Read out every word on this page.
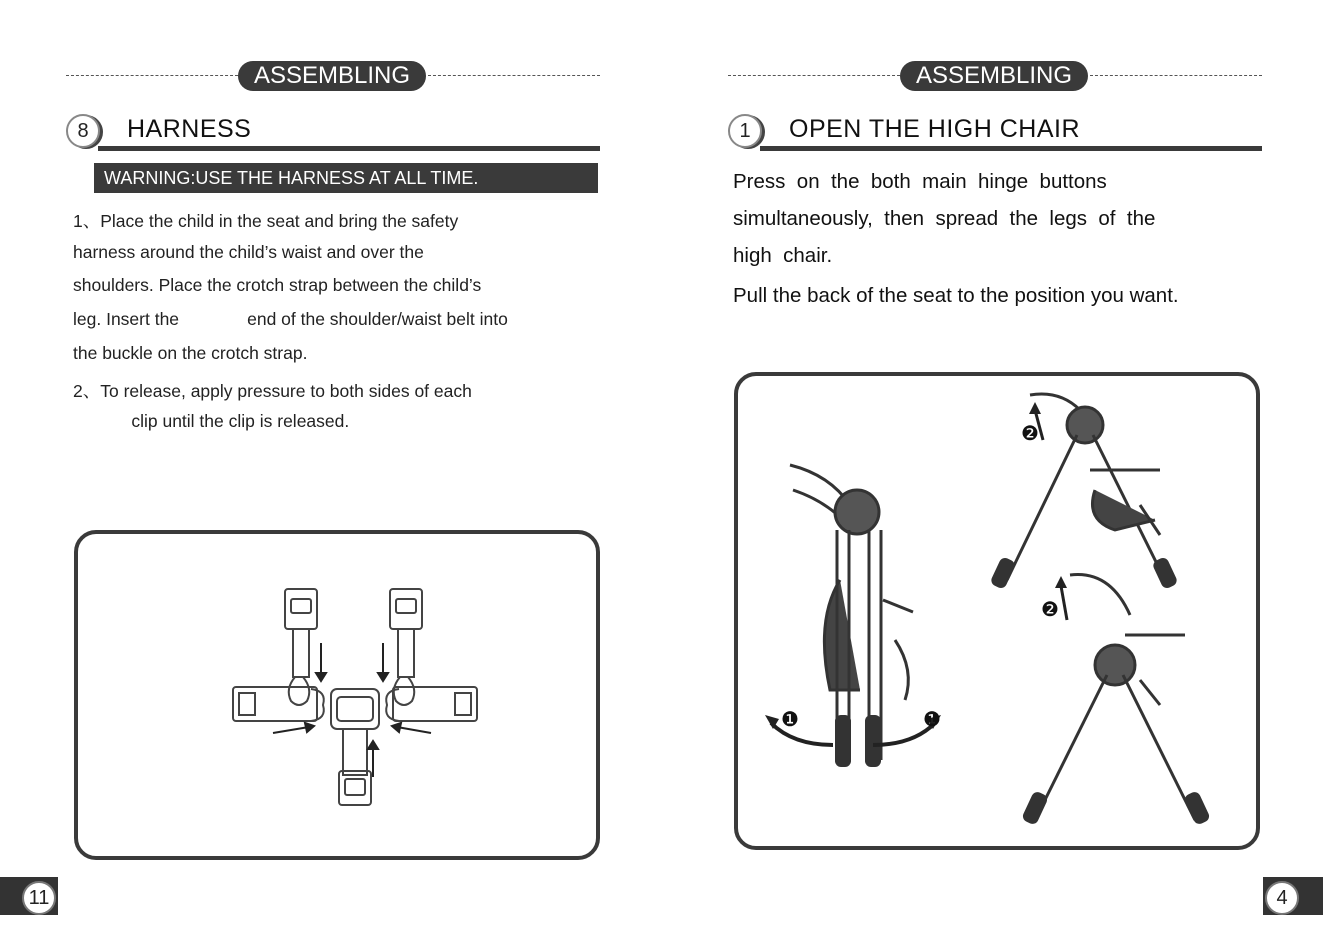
ASSEMBLING
8	HARNESS
WARNING:USE THE HARNESS AT ALL TIME.
1、Place the child in the seat and bring the safety
harness around the child’s waist and over the
shoulders. Place the crotch strap between the child’s
leg. Insert the              end of the shoulder/waist belt into
the buckle on the crotch strap.
2、To release, apply pressure to both sides of each
clip until the clip is released.
11
ASSEMBLING
1	OPEN THE HIGH CHAIR
Press  on  the  both  main  hinge  buttons
simultaneously,  then  spread  the  legs  of  the
high  chair.
Pull the back of the seat to the position you want.
❶	❶
❷
❷
4
